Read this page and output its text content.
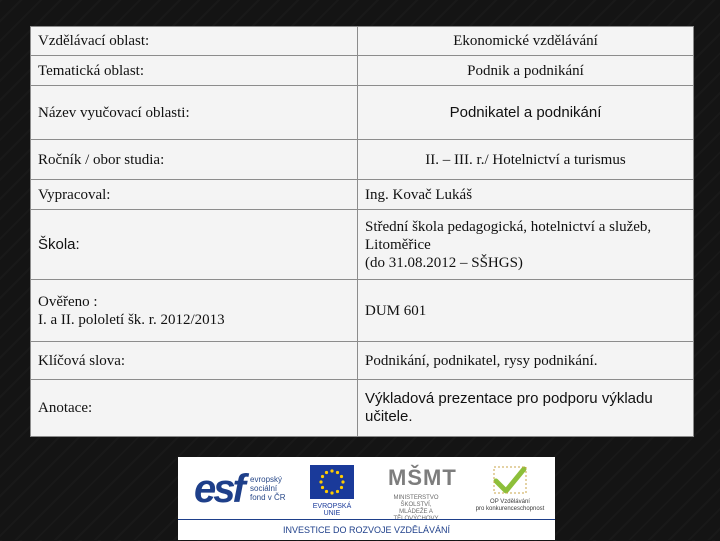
Vzdělávací oblast:	Ekonomické vzdělávání
Tematická oblast:	Podnik a podnikání
Název vyučovací oblasti:	Podnikatel a podnikání
Ročník / obor studia:	II. – III. r./ Hotelnictví a turismus
Vypracoval:	Ing. Kovač Lukáš
Škola:	Střední škola pedagogická, hotelnictví a služeb, Litoměřice
(do 31.08.2012 – SŠHGS)
Ověřeno :
I. a II. pololetí šk. r. 2012/2013	DUM 601
Klíčová slova:	Podnikání, podnikatel, rysy podnikání.
Anotace:	Výkladová prezentace pro podporu výkladu učitele.
esf evropský
sociální
fond v ČR
EVROPSKÁ UNIE
MŠMT
MINISTERSTVO ŠKOLSTVÍ,
MLÁDEŽE A TĚLOVÝCHOVY
OP Vzdělávání
pro konkurenceschopnost
INVESTICE DO ROZVOJE VZDĚLÁVÁNÍ
